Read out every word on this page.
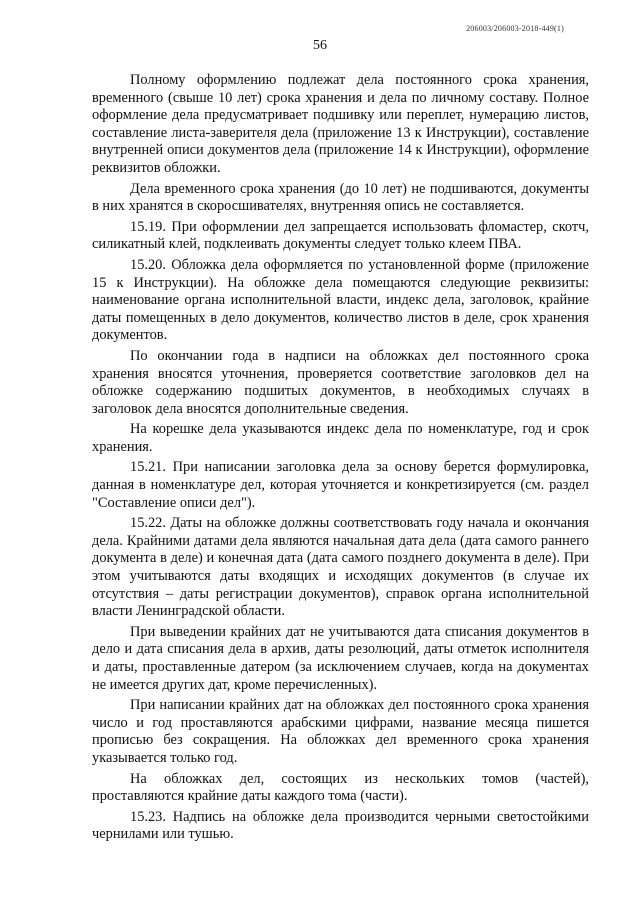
206003/206003-2018-449(1)
56

Полному оформлению подлежат дела постоянного срока хранения, временного (свыше 10 лет) срока хранения и дела по личному составу. Полное оформление дела предусматривает подшивку или переплет, нумерацию листов, составление листа-заверителя дела (приложение 13 к Инструкции), составление внутренней описи документов дела (приложение 14 к Инструкции), оформление реквизитов обложки.

Дела временного срока хранения (до 10 лет) не подшиваются, документы в них хранятся в скоросшивателях, внутренняя опись не составляется.

15.19. При оформлении дел запрещается использовать фломастер, скотч, силикатный клей, подклеивать документы следует только клеем ПВА.

15.20. Обложка дела оформляется по установленной форме (приложение 15 к Инструкции). На обложке дела помещаются следующие реквизиты: наименование органа исполнительной власти, индекс дела, заголовок, крайние даты помещенных в дело документов, количество листов в деле, срок хранения документов.

По окончании года в надписи на обложках дел постоянного срока хранения вносятся уточнения, проверяется соответствие заголовков дел на обложке содержанию подшитых документов, в необходимых случаях в заголовок дела вносятся дополнительные сведения.

На корешке дела указываются индекс дела по номенклатуре, год и срок хранения.

15.21. При написании заголовка дела за основу берется формулировка, данная в номенклатуре дел, которая уточняется и конкретизируется (см. раздел "Составление описи дел").

15.22. Даты на обложке должны соответствовать году начала и окончания дела. Крайними датами дела являются начальная дата дела (дата самого раннего документа в деле) и конечная дата (дата самого позднего документа в деле). При этом учитываются даты входящих и исходящих документов (в случае их отсутствия – даты регистрации документов), справок органа исполнительной власти Ленинградской области.

При выведении крайних дат не учитываются дата списания документов в дело и дата списания дела в архив, даты резолюций, даты отметок исполнителя и даты, проставленные датером (за исключением случаев, когда на документах не имеется других дат, кроме перечисленных).

При написании крайних дат на обложках дел постоянного срока хранения число и год проставляются арабскими цифрами, название месяца пишется прописью без сокращения. На обложках дел временного срока хранения указывается только год.

На обложках дел, состоящих из нескольких томов (частей), проставляются крайние даты каждого тома (части).

15.23. Надпись на обложке дела производится черными светостойкими чернилами или тушью.
